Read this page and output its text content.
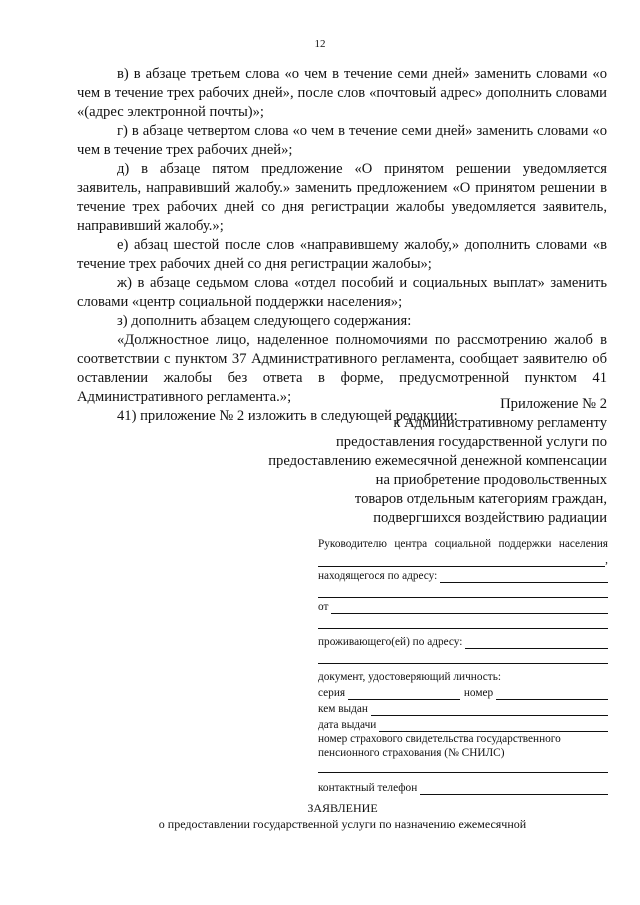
12

в) в абзаце третьем слова «о чем в течение семи дней» заменить словами «о чем в течение трех рабочих дней», после слов «почтовый адрес» дополнить словами «(адрес электронной почты)»;

г) в абзаце четвертом слова «о чем в течение семи дней» заменить словами «о чем в течение трех рабочих дней»;

д) в абзаце пятом предложение «О принятом решении уведомляется заявитель, направивший жалобу.» заменить предложением «О принятом решении в течение трех рабочих дней со дня регистрации жалобы уведомляется заявитель, направивший жалобу.»;

е) абзац шестой после слов «направившему жалобу,» дополнить словами «в течение трех рабочих дней со дня регистрации жалобы»;

ж) в абзаце седьмом слова «отдел пособий и социальных выплат» заменить словами «центр социальной поддержки населения»;

з) дополнить абзацем следующего содержания:

«Должностное лицо, наделенное полномочиями по рассмотрению жалоб в соответствии с пунктом 37 Административного регламента, сообщает заявителю об оставлении жалобы без ответа в форме, предусмотренной пунктом 41 Административного регламента.»;

41) приложение № 2 изложить в следующей редакции:

Приложение № 2
к Административному регламенту
предоставления государственной услуги по
предоставлению ежемесячной денежной компенсации
на приобретение продовольственных
товаров отдельным категориям граждан,
подвергшихся воздействию радиации
Руководителю центра социальной поддержки населения
,
находящегося по адресу:
от
проживающего(ей) по адресу:
документ, удостоверяющий личность:
серия	номер
кем выдан
дата выдачи
номер страхового свидетельства государственного
пенсионного страхования (№ СНИЛС)
контактный телефон
ЗАЯВЛЕНИЕ
о предоставлении государственной услуги по назначению ежемесячной
